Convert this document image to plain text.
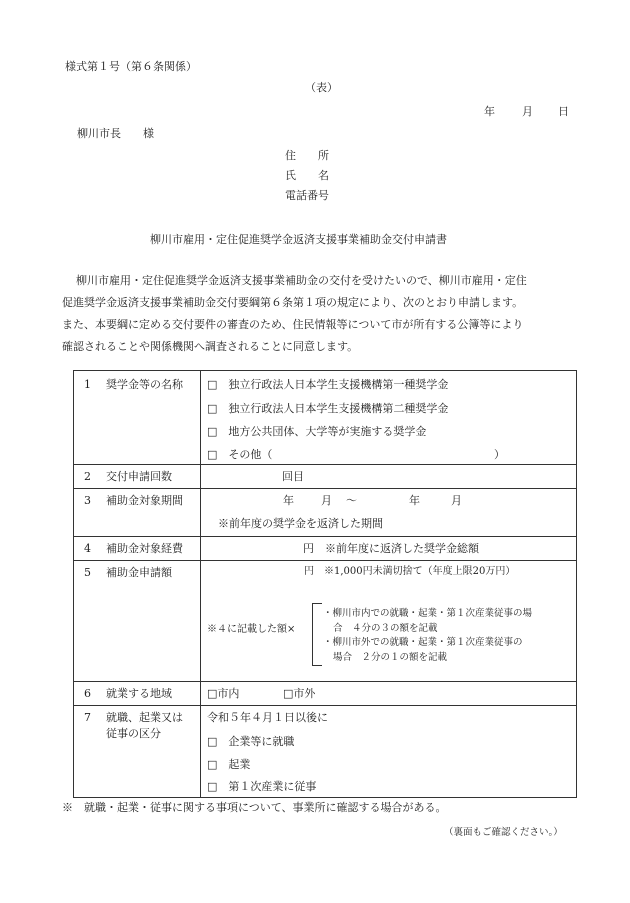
様式第１号（第６条関係）
（表）
年 月 日
柳川市長　　様
住　　所
氏　　名
電話番号
柳川市雇用・定住促進奨学金返済支援事業補助金交付申請書
柳川市雇用・定住促進奨学金返済支援事業補助金の交付を受けたいので、柳川市雇用・定住
促進奨学金返済支援事業補助金交付要綱第６条第１項の規定により、次のとおり申請します。
また、本要綱に定める交付要件の審査のため、住民情報等について市が所有する公簿等により
確認されることや関係機関へ調査されることに同意します。
1 奨学金等の名称 □　独立行政法人日本学生支援機構第一種奨学金
□　独立行政法人日本学生支援機構第二種奨学金
□　地方公共団体、大学等が実施する奨学金
□　その他（	）
2 交付申請回数	回目
3 補助金対象期間	年 月 ～	年	月
※前年度の奨学金を返済した期間
4 補助金対象経費	円　※前年度に返済した奨学金総額
5 補助金申請額	円　※1,000円未満切捨て（年度上限20万円）
※４に記載した額×
・柳川市内での就職・起業・第１次産業従事の場
合　４分の３の額を記載
・柳川市外での就職・起業・第１次産業従事の
場合　２分の１の額を記載
6 就業する地域	□市内	□市外
7 就職、起業又は
従事の区分
令和５年４月１日以後に
□　企業等に就職
□　起業
□　第１次産業に従事
※　就職・起業・従事に関する事項について、事業所に確認する場合がある。
（裏面もご確認ください。）
